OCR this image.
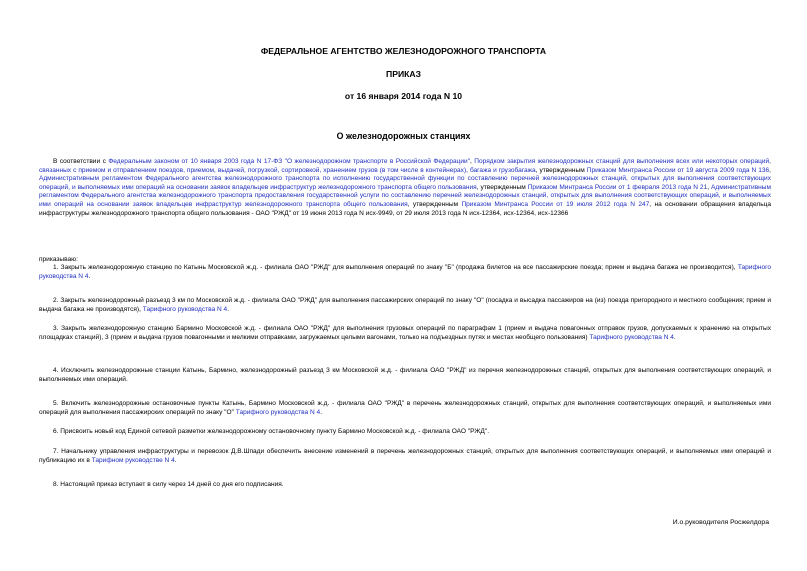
ФЕДЕРАЛЬНОЕ АГЕНТСТВО ЖЕЛЕЗНОДОРОЖНОГО ТРАНСПОРТА
ПРИКАЗ
от 16 января 2014 года N 10
О железнодорожных станциях

В соответствии с Федеральным законом от 10 января 2003 года N 17-ФЗ "О железнодорожном транспорте в Российской Федерации", Порядком закрытия железнодорожных станций для выполнения всех или некоторых операций, связанных с приемом и отправлением поездов, приемом, выдачей, погрузкой, сортировкой, хранением грузов (в том числе в контейнерах), багажа и грузобагажа, утвержденным Приказом Минтранса России от 19 августа 2009 года N 136, Административным регламентом Федерального агентства железнодорожного транспорта по исполнению государственной функции по составлению перечней железнодорожных станций, открытых для выполнения соответствующих операций, и выполняемых ими операций на основании заявок владельцев инфраструктур железнодорожного транспорта общего пользования, утвержденным Приказом Минтранса России от 1 февраля 2013 года N 21, Административным регламентом Федерального агентства железнодорожного транспорта предоставления государственной услуги по составлению перечней железнодорожных станций, открытых для выполнения соответствующих операций, и выполняемых ими операций на основании заявок владельцев инфраструктур железнодорожного транспорта общего пользования, утвержденным Приказом Минтранса России от 19 июля 2012 года N 247, на основании обращения владельца инфраструктуры железнодорожного транспорта общего пользования - ОАО "РЖД" от 19 июня 2013 года N исх-9949, от 29 июля 2013 года N исх-12364, исх-12364, исх-12366

приказываю:
1. Закрыть железнодорожную станцию по Катынь Московской ж.д. - филиала ОАО "РЖД" для выполнения операций по знаку "Б" (продажа билетов на все пассажирские поезда; прием и выдача багажа не производится), Тарифного руководства N 4.
2. Закрыть железнодорожный разъезд 3 км по Московской ж.д. - филиала ОАО "РЖД" для выполнения пассажирских операций по знаку "О" (посадка и высадка пассажиров на (из) поезда пригородного и местного сообщения; прием и выдача багажа не производятся), Тарифного руководства N 4.
3. Закрыть железнодорожную станцию Бармино Московской ж.д. - филиала ОАО "РЖД" для выполнения грузовых операций по параграфам 1 (прием и выдача повагонных отправок грузов, допускаемых к хранению на открытых площадках станций), 3 (прием и выдача грузов повагонными и мелкими отправками, загружаемых целыми вагонами, только на подъездных путях и местах необщего пользования) Тарифного руководства N 4.
4. Исключить железнодорожные станции Катынь, Бармино, железнодорожный разъезд 3 км Московской ж.д. - филиала ОАО "РЖД" из перечня железнодорожных станций, открытых для выполнения соответствующих операций, и выполняемых ими операций.
5. Включить железнодорожные остановочные пункты Катынь, Бармино Московской ж.д. - филиала ОАО "РЖД" в перечень железнодорожных станций, открытых для выполнения соответствующих операций, и выполняемых ими операций для выполнения пассажирских операций по знаку "О" Тарифного руководства N 4.
6. Присвоить новый код Единой сетевой разметки железнодорожному остановочному пункту Бармино Московской ж.д. - филиала ОАО "РЖД".
7. Начальнику управления инфраструктуры и перевозок Д.В.Шпади обеспечить внесение изменений в перечень железнодорожных станций, открытых для выполнения соответствующих операций, и выполняемых ими операций и публикацию их в Тарифном руководстве N 4.
8. Настоящий приказ вступает в силу через 14 дней со дня его подписания.
И.о.руководителя Росжелдора
